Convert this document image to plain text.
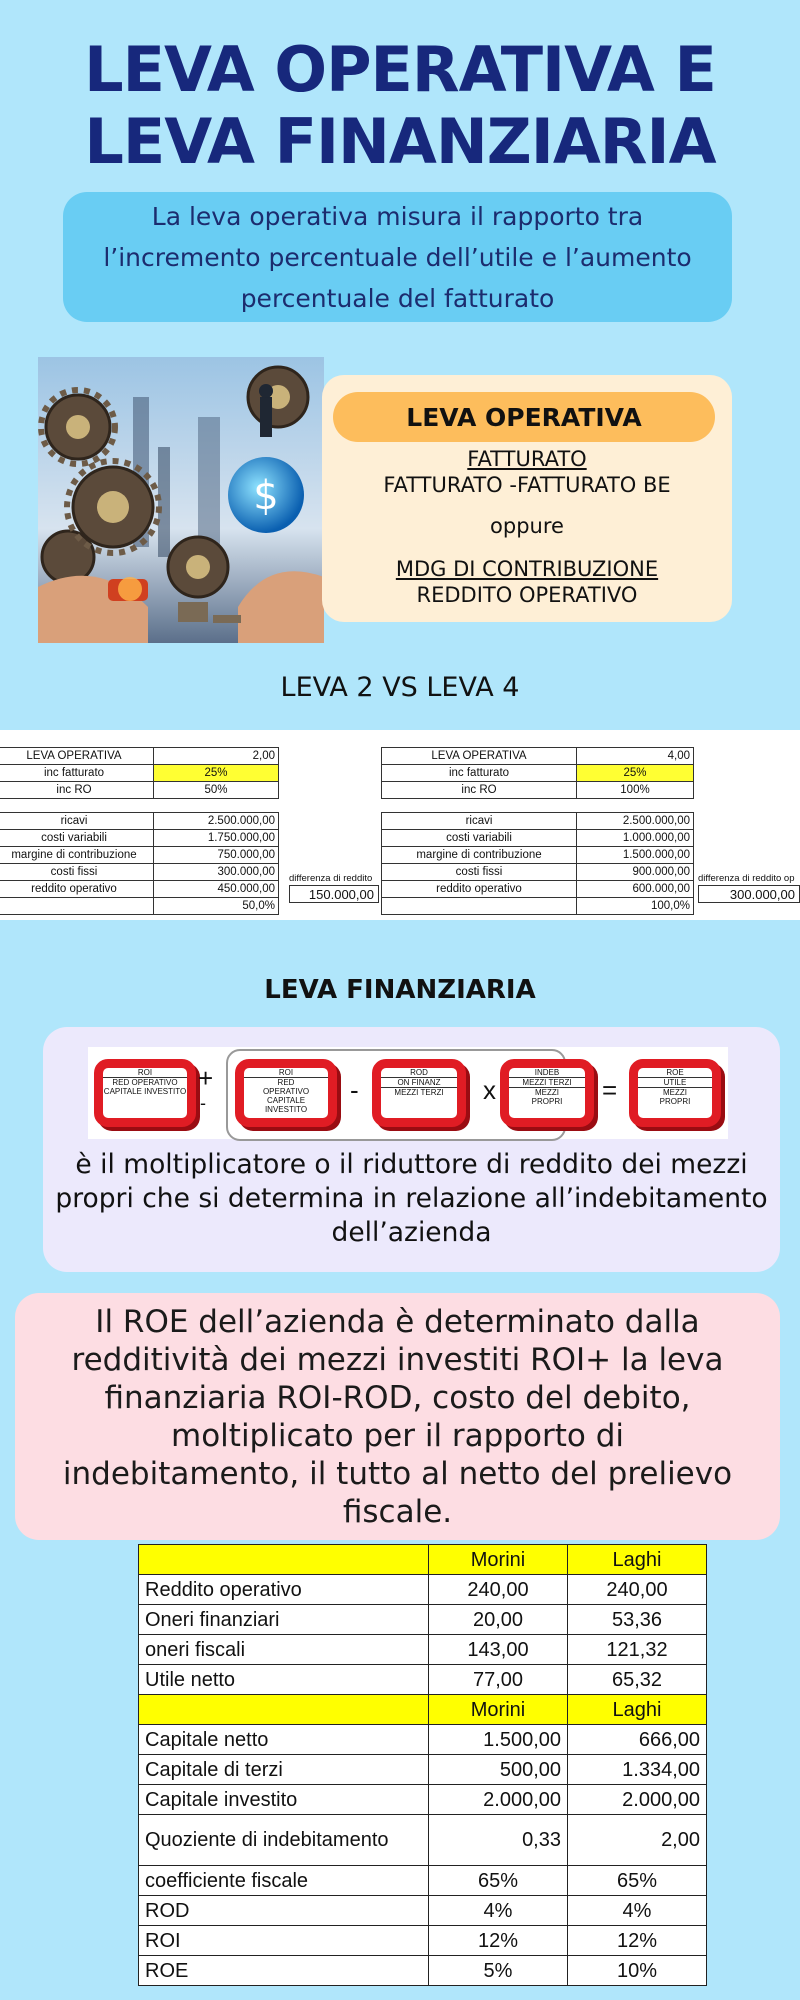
LEVA OPERATIVA E
LEVA FINANZIARIA
La leva operativa misura il rapporto tra l’incremento percentuale dell’utile e l’aumento percentuale del fatturato
$
LEVA OPERATIVA
FATTURATO
FATTURATO -FATTURATO BE
oppure
MDG DI CONTRIBUZIONE
REDDITO OPERATIVO
LEVA 2 VS LEVA 4
LEVA OPERATIVA	2,00
inc fatturato	25%
inc RO	50%
ricavi	2.500.000,00
costi variabili	1.750.000,00
margine di contribuzione	750.000,00
costi fissi	300.000,00
reddito operativo	450.000,00
	50,0%
differenza di reddito
150.000,00
LEVA OPERATIVA	4,00
inc fatturato	25%
inc RO	100%
ricavi	2.500.000,00
costi variabili	1.000.000,00
margine di contribuzione	1.500.000,00
costi fissi	900.000,00
reddito operativo	600.000,00
	100,0%
differenza di reddito op
300.000,00
LEVA FINANZIARIA
ROI
RED OPERATIVO
CAPITALE INVESTITO +
-
ROI
RED
OPERATIVO
CAPITALE
INVESTITO
-
ROD
ON FINANZ
MEZZI TERZI	x
INDEB
MEZZI TERZI
MEZZI
PROPRI	=
ROE
UTILE
MEZZI
PROPRI
è il moltiplicatore o il riduttore di reddito dei mezzi propri che si determina in relazione all’indebitamento dell’azienda
Il ROE dell’azienda è determinato dalla redditività dei mezzi investiti ROI+ la leva finanziaria ROI-ROD, costo del debito, moltiplicato per il rapporto di indebitamento, il tutto al netto del prelievo fiscale.
	Morini	Laghi
Reddito operativo	240,00	240,00
Oneri finanziari	20,00	53,36
oneri fiscali	143,00	121,32
Utile netto	77,00	65,32
	Morini	Laghi
Capitale netto	1.500,00	666,00
Capitale di terzi	500,00	1.334,00
Capitale investito	2.000,00	2.000,00
Quoziente di indebitamento	0,33	2,00
coefficiente fiscale	65%	65%
ROD	4%	4%
ROI	12%	12%
ROE	5%	10%
